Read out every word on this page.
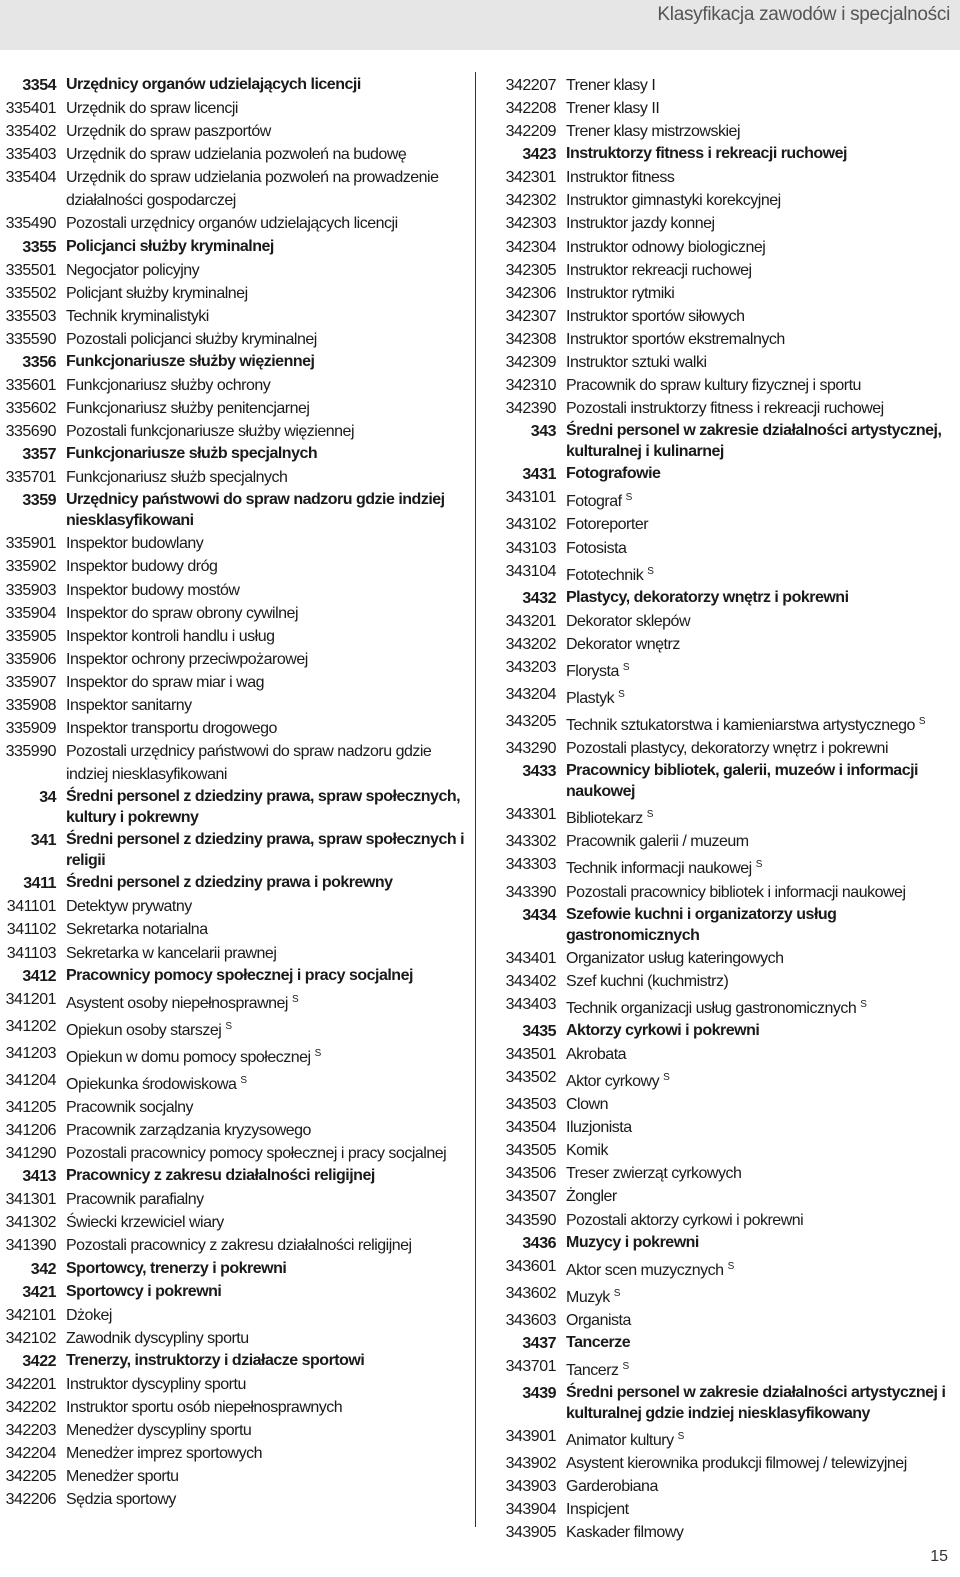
Klasyfikacja zawodów i specjalności
3354 Urzędnicy organów udzielających licencji
335401 Urzędnik do spraw licencji
335402 Urzędnik do spraw paszportów
335403 Urzędnik do spraw udzielania pozwoleń na budowę
335404 Urzędnik do spraw udzielania pozwoleń na prowadzenie działalności gospodarczej
335490 Pozostali urzędnicy organów udzielających licencji
3355 Policjanci służby kryminalnej
335501 Negocjator policyjny
335502 Policjant służby kryminalnej
335503 Technik kryminalistyki
335590 Pozostali policjanci służby kryminalnej
3356 Funkcjonariusze służby więziennej
335601 Funkcjonariusz służby ochrony
335602 Funkcjonariusz służby penitencjarnej
335690 Pozostali funkcjonariusze służby więziennej
3357 Funkcjonariusze służb specjalnych
335701 Funkcjonariusz służb specjalnych
3359 Urzędnicy państwowi do spraw nadzoru gdzie indziej niesklasyfikowani
335901 Inspektor budowlany
335902 Inspektor budowy dróg
335903 Inspektor budowy mostów
335904 Inspektor do spraw obrony cywilnej
335905 Inspektor kontroli handlu i usług
335906 Inspektor ochrony przeciwpożarowej
335907 Inspektor do spraw miar i wag
335908 Inspektor sanitarny
335909 Inspektor transportu drogowego
335990 Pozostali urzędnicy państwowi do spraw nadzoru gdzie indziej niesklasyfikowani
34 Średni personel z dziedziny prawa, spraw społecznych, kultury i pokrewny
341 Średni personel z dziedziny prawa, spraw społecznych i religii
3411 Średni personel z dziedziny prawa i pokrewny
341101 Detektyw prywatny
341102 Sekretarka notarialna
341103 Sekretarka w kancelarii prawnej
3412 Pracownicy pomocy społecznej i pracy socjalnej
341201 Asystent osoby niepełnosprawnej $^S$
341202 Opiekun osoby starszej $^S$
341203 Opiekun w domu pomocy społecznej $^S$
341204 Opiekunka środowiskowa $^S$
341205 Pracownik socjalny
341206 Pracownik zarządzania kryzysowego
341290 Pozostali pracownicy pomocy społecznej i pracy socjalnej
3413 Pracownicy z zakresu działalności religijnej
341301 Pracownik parafialny
341302 Świecki krzewiciel wiary
341390 Pozostali pracownicy z zakresu działalności religijnej
342 Sportowcy, trenerzy i pokrewni
3421 Sportowcy i pokrewni
342101 Dżokej
342102 Zawodnik dyscypliny sportu
3422 Trenerzy, instruktorzy i działacze sportowi
342201 Instruktor dyscypliny sportu
342202 Instruktor sportu osób niepełnosprawnych
342203 Menedżer dyscypliny sportu
342204 Menedżer imprez sportowych
342205 Menedżer sportu
342206 Sędzia sportowy
342207 Trener klasy I
342208 Trener klasy II
342209 Trener klasy mistrzowskiej
3423 Instruktorzy fitness i rekreacji ruchowej
342301 Instruktor fitness
342302 Instruktor gimnastyki korekcyjnej
342303 Instruktor jazdy konnej
342304 Instruktor odnowy biologicznej
342305 Instruktor rekreacji ruchowej
342306 Instruktor rytmiki
342307 Instruktor sportów siłowych
342308 Instruktor sportów ekstremalnych
342309 Instruktor sztuki walki
342310 Pracownik do spraw kultury fizycznej i sportu
342390 Pozostali instruktorzy fitness i rekreacji ruchowej
343 Średni personel w zakresie działalności artystycznej, kulturalnej i kulinarnej
3431 Fotografowie
343101 Fotograf $^S$
343102 Fotoreporter
343103 Fotosista
343104 Fototechnik $^S$
3432 Plastycy, dekoratorzy wnętrz i pokrewni
343201 Dekorator sklepów
343202 Dekorator wnętrz
343203 Florysta $^S$
343204 Plastyk $^S$
343205 Technik sztukatorstwa i kamieniarstwa artystycznego $^S$
343290 Pozostali plastycy, dekoratorzy wnętrz i pokrewni
3433 Pracownicy bibliotek, galerii, muzeów i informacji naukowej
343301 Bibliotekarz $^S$
343302 Pracownik galerii / muzeum
343303 Technik informacji naukowej $^S$
343390 Pozostali pracownicy bibliotek i informacji naukowej
3434 Szefowie kuchni i organizatorzy usług gastronomicznych
343401 Organizator usług kateringowych
343402 Szef kuchni (kuchmistrz)
343403 Technik organizacji usług gastronomicznych $^S$
3435 Aktorzy cyrkowi i pokrewni
343501 Akrobata
343502 Aktor cyrkowy $^S$
343503 Clown
343504 Iluzjonista
343505 Komik
343506 Treser zwierząt cyrkowych
343507 Żongler
343590 Pozostali aktorzy cyrkowi i pokrewni
3436 Muzycy i pokrewni
343601 Aktor scen muzycznych $^S$
343602 Muzyk $^S$
343603 Organista
3437 Tancerze
343701 Tancerz $^S$
3439 Średni personel w zakresie działalności artystycznej i kulturalnej gdzie indziej niesklasyfikowany
343901 Animator kultury $^S$
343902 Asystent kierownika produkcji filmowej / telewizyjnej
343903 Garderobiana
343904 Inspicjent
343905 Kaskader filmowy
15
